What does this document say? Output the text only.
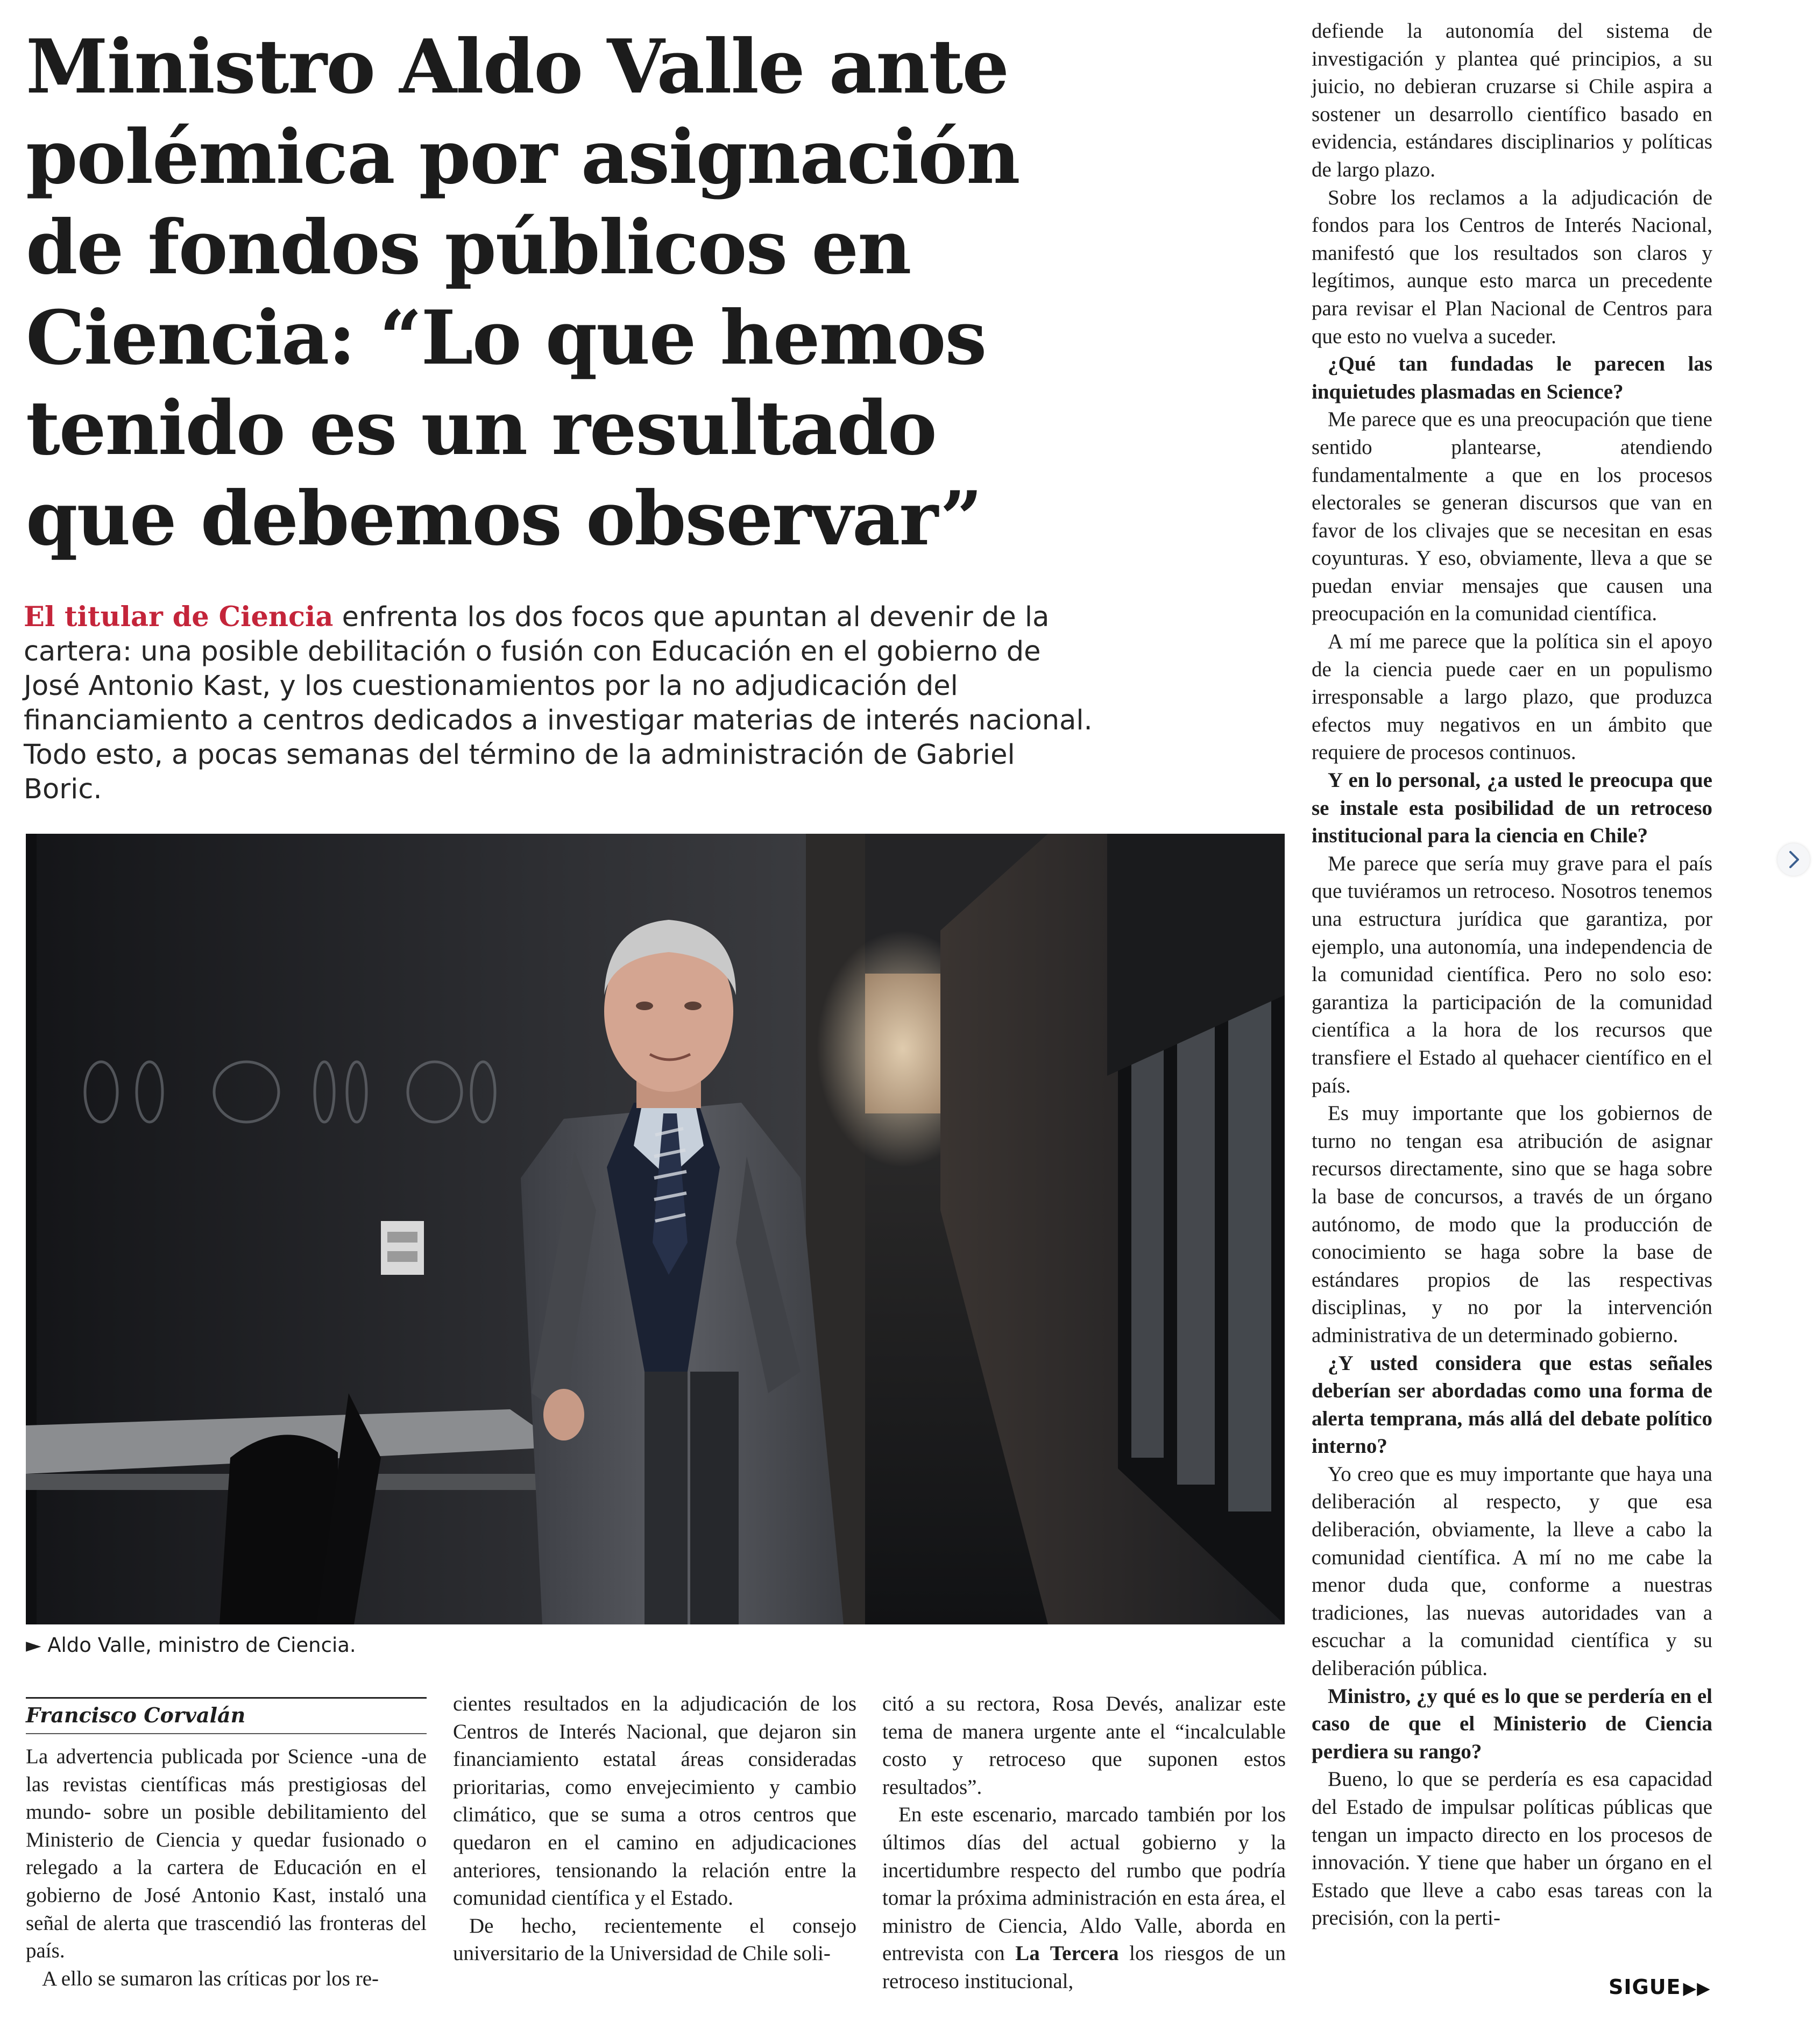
Ministro Aldo Valle ante polémica por asignación de fondos públicos en Ciencia: “Lo que hemos tenido es un resultado que debemos observar”

El titular de Ciencia enfrenta los dos focos que apuntan al devenir de la cartera: una posible debilitación o fusión con Educación en el gobierno de José Antonio Kast, y los cuestionamientos por la no adjudicación del financiamiento a centros dedicados a investigar materias de interés nacional. Todo esto, a pocas semanas del término de la administración de Gabriel Boric.

► Aldo Valle, ministro de Ciencia.
Francisco Corvalán

La advertencia publicada por Science -una de las revistas científicas más prestigiosas del mundo- sobre un posible debilitamiento del Ministerio de Ciencia y quedar fusionado o relegado a la cartera de Educación en el gobierno de José Antonio Kast, instaló una señal de alerta que trascendió las fronteras del país.

A ello se sumaron las críticas por los re-

cientes resultados en la adjudicación de los Centros de Interés Nacional, que dejaron sin financiamiento estatal áreas consideradas prioritarias, como envejecimiento y cambio climático, que se suma a otros centros que quedaron en el camino en adjudicaciones anteriores, tensionando la relación entre la comunidad científica y el Estado.

De hecho, recientemente el consejo universitario de la Universidad de Chile soli-

citó a su rectora, Rosa Devés, analizar este tema de manera urgente ante el “incalculable costo y retroceso que suponen estos resultados”.

En este escenario, marcado también por los últimos días del actual gobierno y la incertidumbre respecto del rumbo que podría tomar la próxima administración en esta área, el ministro de Ciencia, Aldo Valle, aborda en entrevista con La Tercera los riesgos de un retroceso institucional,

defiende la autonomía del sistema de investigación y plantea qué principios, a su juicio, no debieran cruzarse si Chile aspira a sostener un desarrollo científico basado en evidencia, estándares disciplinarios y políticas de largo plazo.

Sobre los reclamos a la adjudicación de fondos para los Centros de Interés Nacional, manifestó que los resultados son claros y legítimos, aunque esto marca un precedente para revisar el Plan Nacional de Centros para que esto no vuelva a suceder.

¿Qué tan fundadas le parecen las inquietudes plasmadas en Science?

Me parece que es una preocupación que tiene sentido plantearse, atendiendo fundamentalmente a que en los procesos electorales se generan discursos que van en favor de los clivajes que se necesitan en esas coyunturas. Y eso, obviamente, lleva a que se puedan enviar mensajes que causen una preocupación en la comunidad científica.

A mí me parece que la política sin el apoyo de la ciencia puede caer en un populismo irresponsable a largo plazo, que produzca efectos muy negativos en un ámbito que requiere de procesos continuos.

Y en lo personal, ¿a usted le preocupa que se instale esta posibilidad de un retroceso institucional para la ciencia en Chile?

Me parece que sería muy grave para el país que tuviéramos un retroceso. Nosotros tenemos una estructura jurídica que garantiza, por ejemplo, una autonomía, una independencia de la comunidad científica. Pero no solo eso: garantiza la participación de la comunidad científica a la hora de los recursos que transfiere el Estado al quehacer científico en el país.

Es muy importante que los gobiernos de turno no tengan esa atribución de asignar recursos directamente, sino que se haga sobre la base de concursos, a través de un órgano autónomo, de modo que la producción de conocimiento se haga sobre la base de estándares propios de las respectivas disciplinas, y no por la intervención administrativa de un determinado gobierno.

¿Y usted considera que estas señales deberían ser abordadas como una forma de alerta temprana, más allá del debate político interno?

Yo creo que es muy importante que haya una deliberación al respecto, y que esa deliberación, obviamente, la lleve a cabo la comunidad científica. A mí no me cabe la menor duda que, conforme a nuestras tradiciones, las nuevas autoridades van a escuchar a la comunidad científica y su deliberación pública.

Ministro, ¿y qué es lo que se perdería en el caso de que el Ministerio de Ciencia perdiera su rango?

Bueno, lo que se perdería es esa capacidad del Estado de impulsar políticas públicas que tengan un impacto directo en los procesos de innovación. Y tiene que haber un órgano en el Estado que lleve a cabo esas tareas con la precisión, con la perti-

SIGUE ▶▶
